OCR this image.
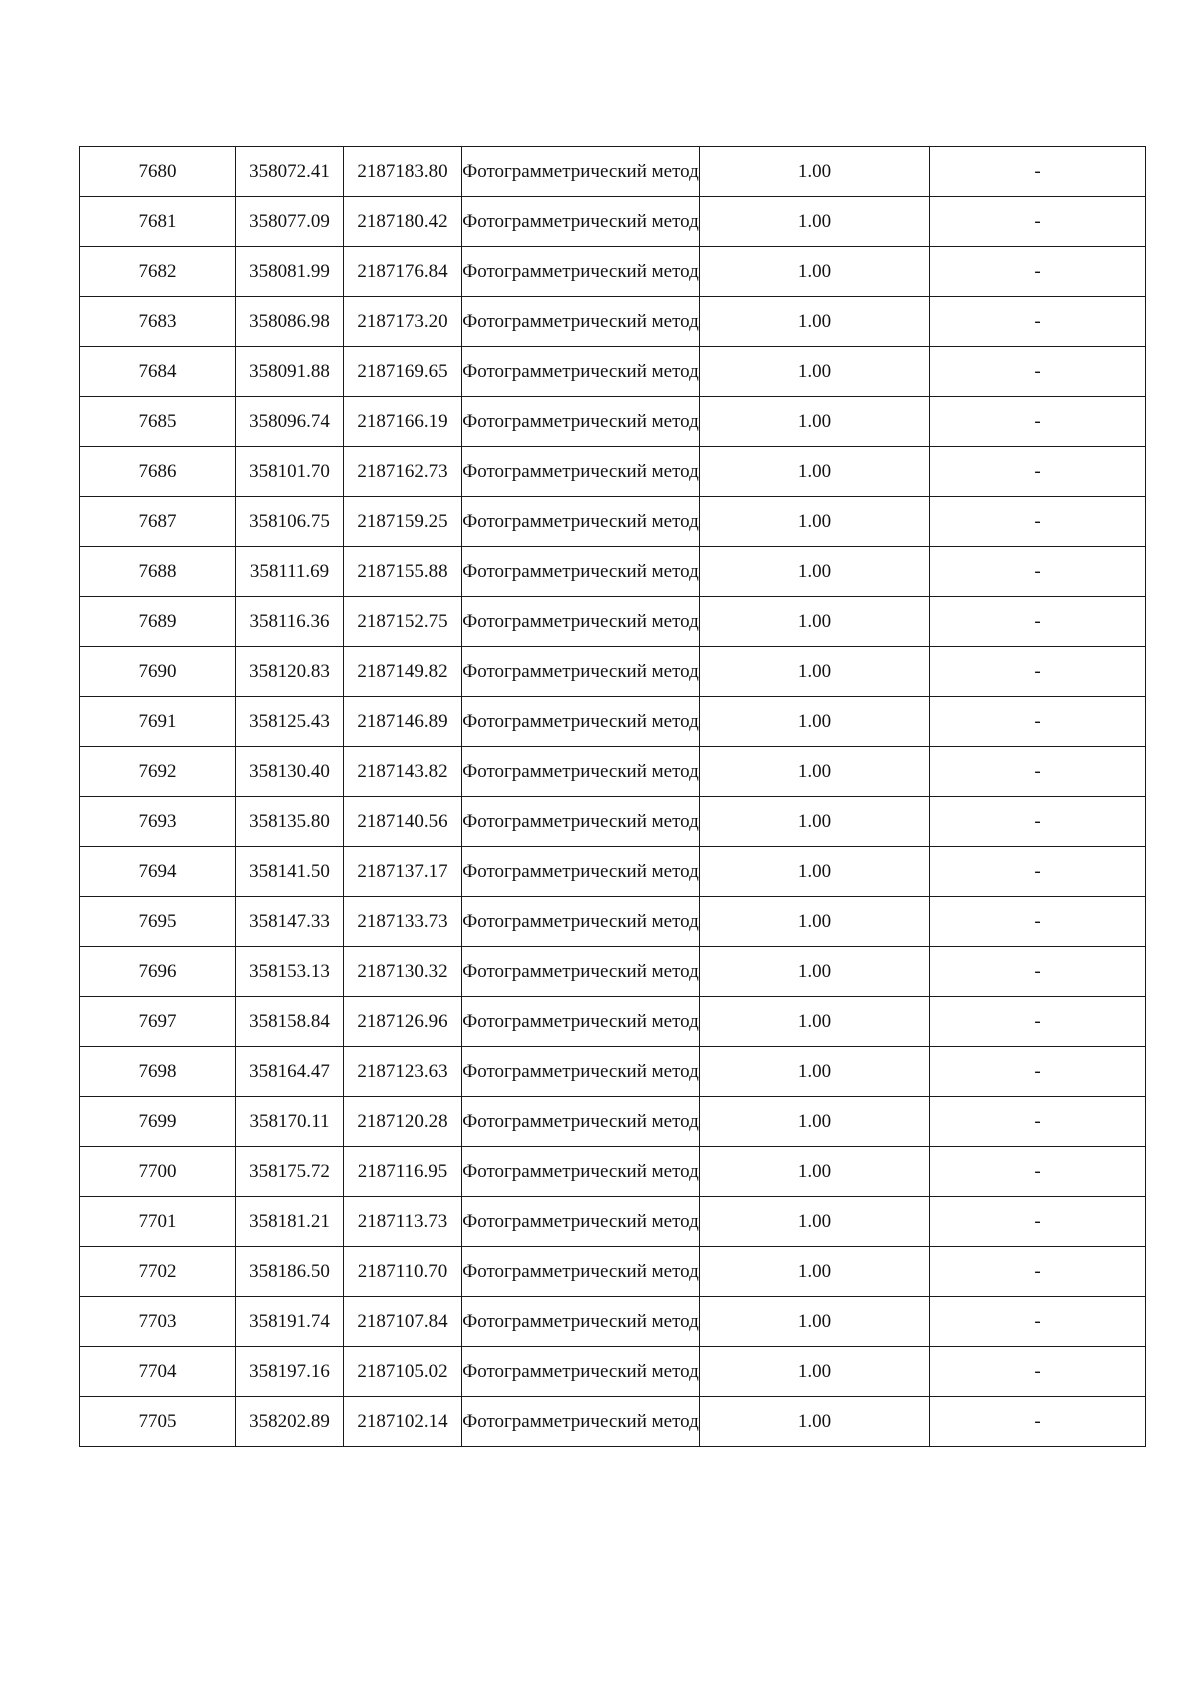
7680	358072.41	2187183.80	Фотограмметрический метод	1.00	-
7681	358077.09	2187180.42	Фотограмметрический метод	1.00	-
7682	358081.99	2187176.84	Фотограмметрический метод	1.00	-
7683	358086.98	2187173.20	Фотограмметрический метод	1.00	-
7684	358091.88	2187169.65	Фотограмметрический метод	1.00	-
7685	358096.74	2187166.19	Фотограмметрический метод	1.00	-
7686	358101.70	2187162.73	Фотограмметрический метод	1.00	-
7687	358106.75	2187159.25	Фотограмметрический метод	1.00	-
7688	358111.69	2187155.88	Фотограмметрический метод	1.00	-
7689	358116.36	2187152.75	Фотограмметрический метод	1.00	-
7690	358120.83	2187149.82	Фотограмметрический метод	1.00	-
7691	358125.43	2187146.89	Фотограмметрический метод	1.00	-
7692	358130.40	2187143.82	Фотограмметрический метод	1.00	-
7693	358135.80	2187140.56	Фотограмметрический метод	1.00	-
7694	358141.50	2187137.17	Фотограмметрический метод	1.00	-
7695	358147.33	2187133.73	Фотограмметрический метод	1.00	-
7696	358153.13	2187130.32	Фотограмметрический метод	1.00	-
7697	358158.84	2187126.96	Фотограмметрический метод	1.00	-
7698	358164.47	2187123.63	Фотограмметрический метод	1.00	-
7699	358170.11	2187120.28	Фотограмметрический метод	1.00	-
7700	358175.72	2187116.95	Фотограмметрический метод	1.00	-
7701	358181.21	2187113.73	Фотограмметрический метод	1.00	-
7702	358186.50	2187110.70	Фотограмметрический метод	1.00	-
7703	358191.74	2187107.84	Фотограмметрический метод	1.00	-
7704	358197.16	2187105.02	Фотограмметрический метод	1.00	-
7705	358202.89	2187102.14	Фотограмметрический метод	1.00	-
